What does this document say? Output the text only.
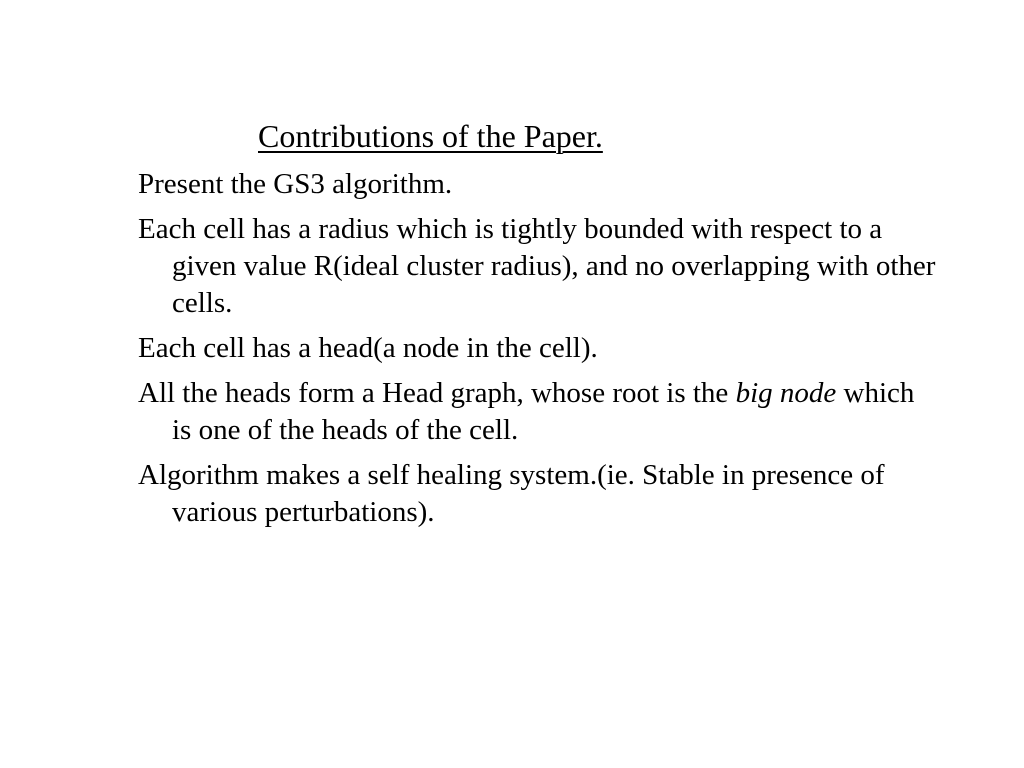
Contributions of the Paper.
Present the GS3 algorithm.
Each cell has a radius which is tightly bounded with respect to a given value R(ideal cluster radius), and no overlapping with other cells.
Each cell has a head(a node in the cell).
All the heads form a Head graph, whose root is the big node which is one of the heads of the cell.
Algorithm makes a self healing system.(ie. Stable in presence of various perturbations).
